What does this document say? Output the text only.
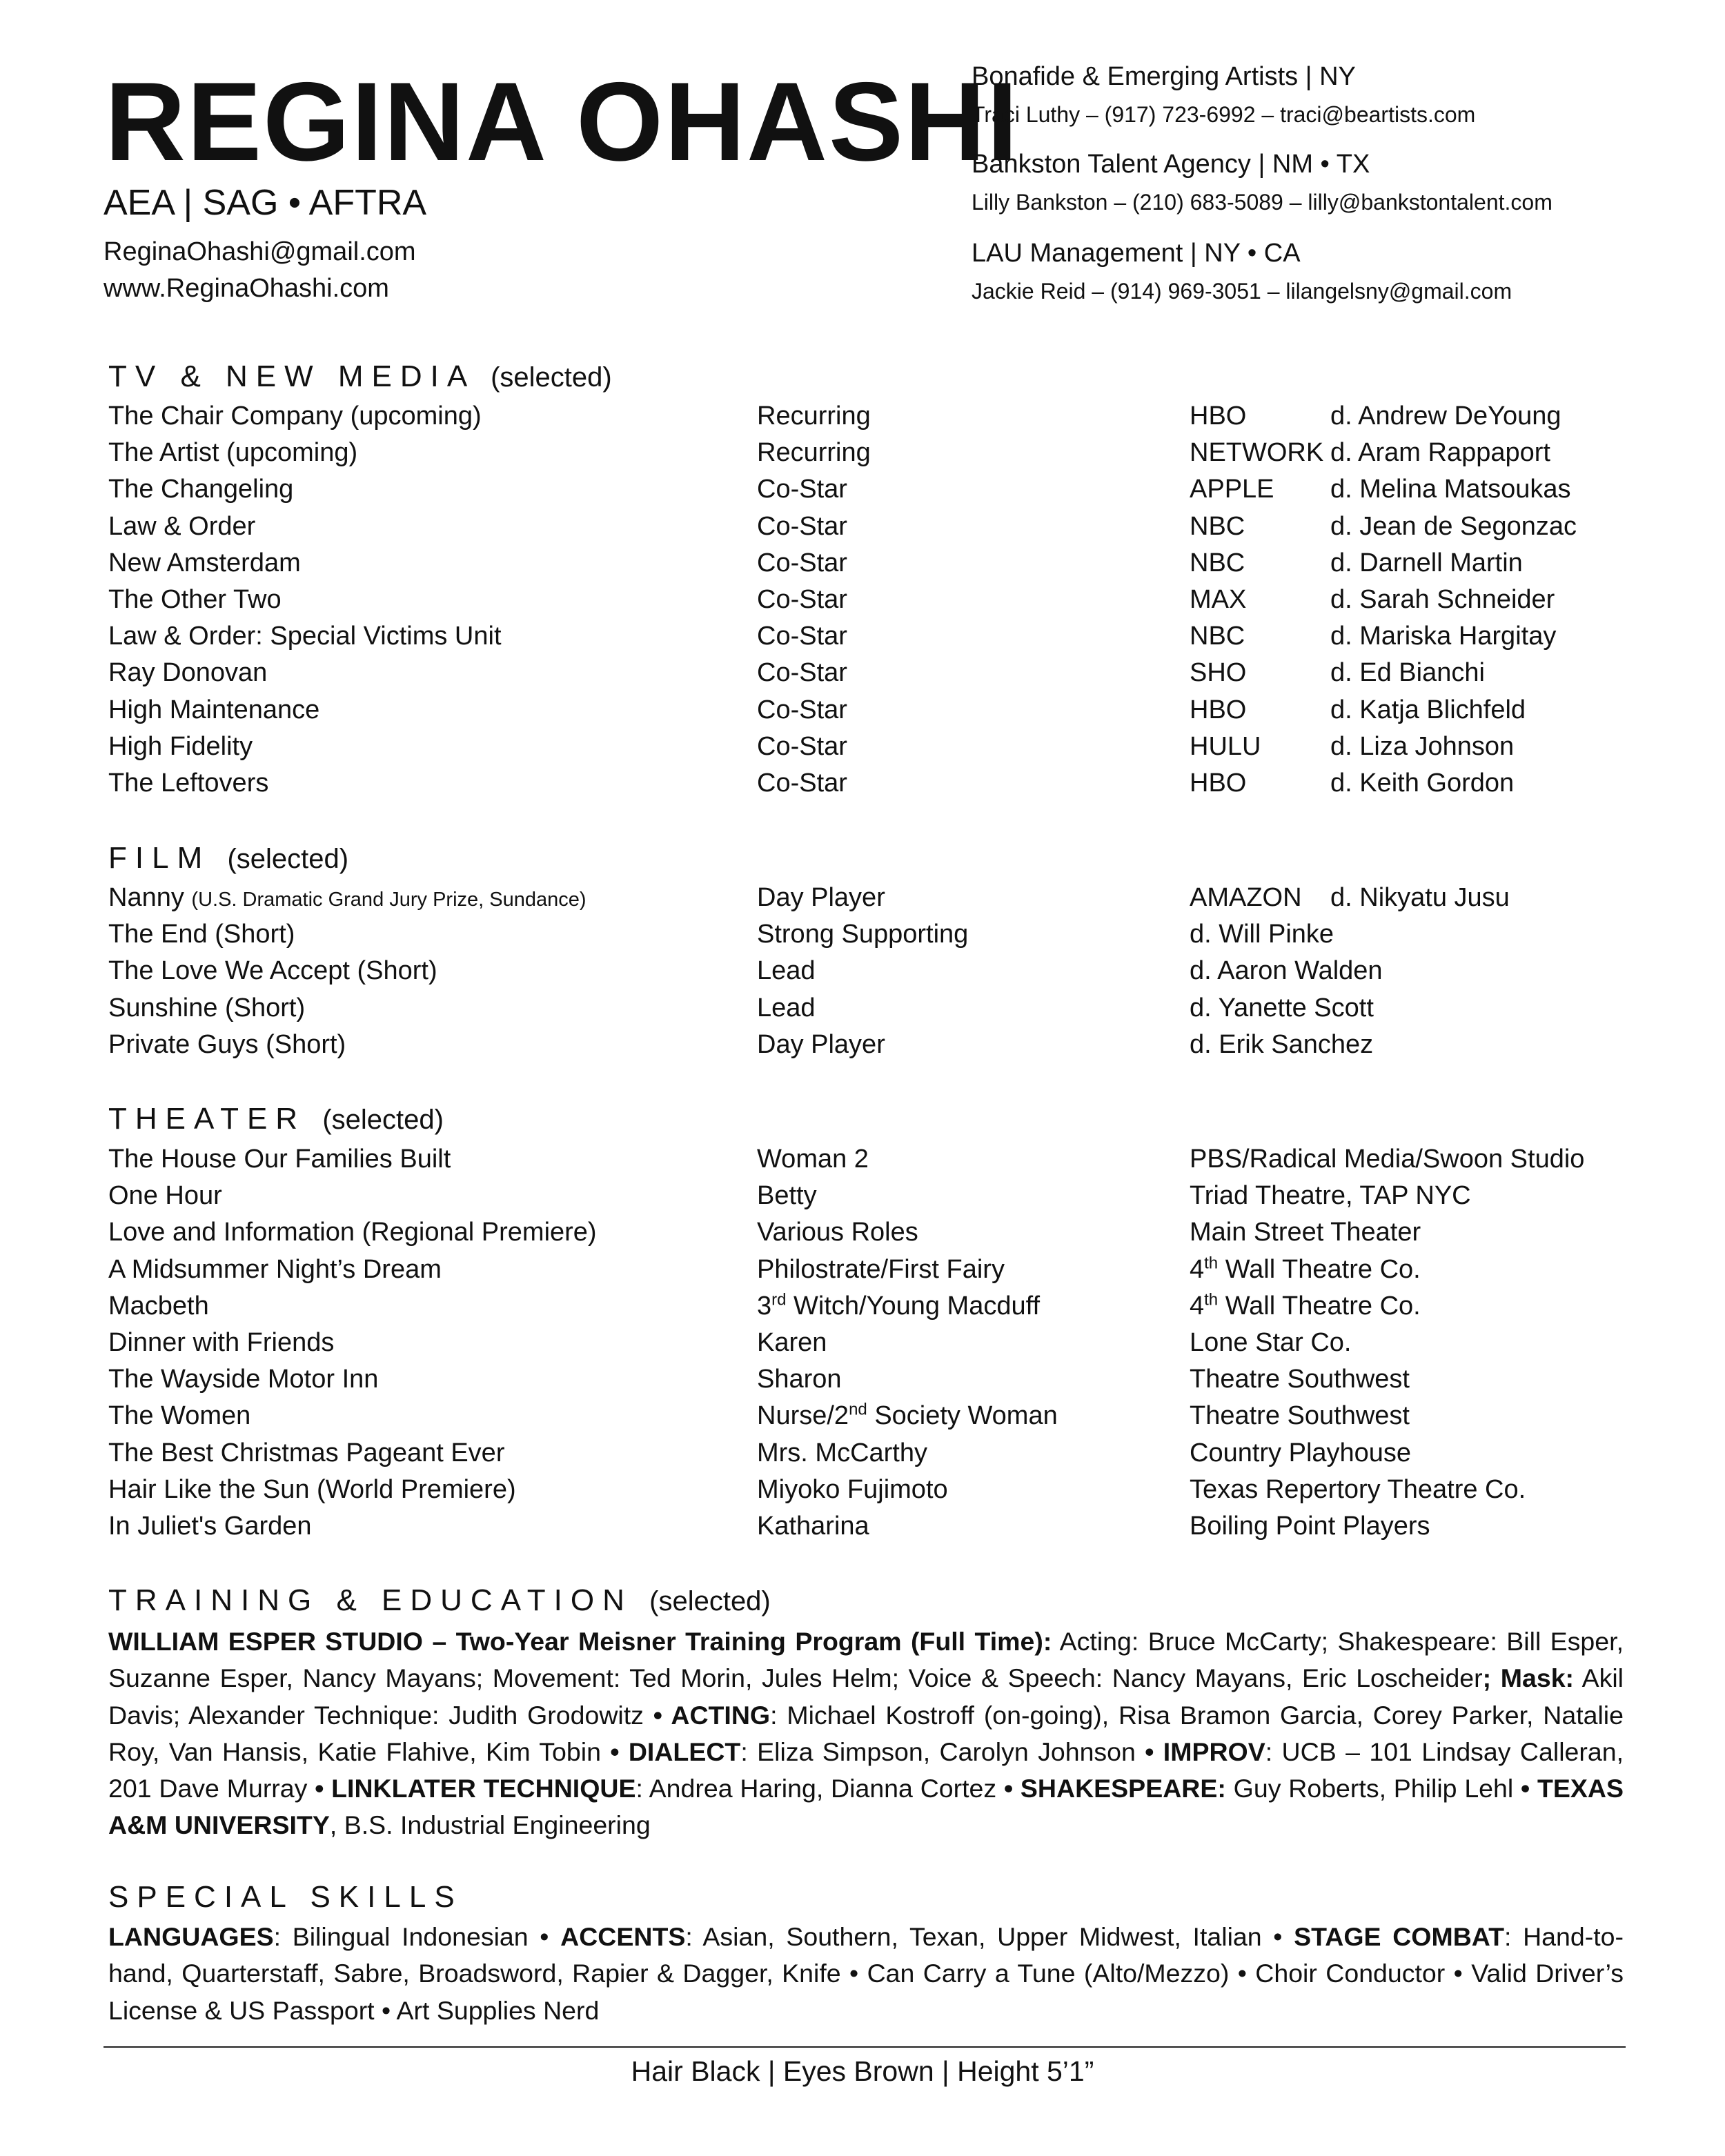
REGINA OHASHI
AEA | SAG • AFTRA
ReginaOhashi@gmail.com
www.ReginaOhashi.com
Bonafide & Emerging Artists | NY
Traci Luthy – (917) 723-6992 – traci@beartists.com
Bankston Talent Agency | NM • TX
Lilly Bankston – (210) 683-5089 – lilly@bankstontalent.com
LAU Management | NY • CA
Jackie Reid – (914) 969-3051 – lilangelsny@gmail.com
TV & NEW MEDIA (selected)
The Chair Company (upcoming)	Recurring	HBO	d. Andrew DeYoung
The Artist (upcoming)	Recurring	NETWORK d. Aram Rappaport
The Changeling	Co-Star	APPLE d. Melina Matsoukas
Law & Order	Co-Star	NBC	d. Jean de Segonzac
New Amsterdam	Co-Star	NBC	d. Darnell Martin
The Other Two	Co-Star	MAX	d. Sarah Schneider
Law & Order: Special Victims Unit	Co-Star	NBC	d. Mariska Hargitay
Ray Donovan	Co-Star	SHO	d. Ed Bianchi
High Maintenance	Co-Star	HBO	d. Katja Blichfeld
High Fidelity	Co-Star	HULU	d. Liza Johnson
The Leftovers	Co-Star	HBO	d. Keith Gordon
FILM (selected)
Nanny (U.S. Dramatic Grand Jury Prize, Sundance)	Day Player	AMAZON d. Nikyatu Jusu
The End (Short)	Strong Supporting	d. Will Pinke
The Love We Accept (Short)	Lead	d. Aaron Walden
Sunshine (Short)	Lead	d. Yanette Scott
Private Guys (Short)	Day Player	d. Erik Sanchez
THEATER (selected)
The House Our Families Built	Woman 2	PBS/Radical Media/Swoon Studio
One Hour	Betty	Triad Theatre, TAP NYC
Love and Information (Regional Premiere)	Various Roles	Main Street Theater
A Midsummer Night’s Dream	Philostrate/First Fairy	4th Wall Theatre Co.
Macbeth	3rd Witch/Young Macduff	4th Wall Theatre Co.
Dinner with Friends	Karen	Lone Star Co.
The Wayside Motor Inn	Sharon	Theatre Southwest
The Women	Nurse/2nd Society Woman	Theatre Southwest
The Best Christmas Pageant Ever	Mrs. McCarthy	Country Playhouse
Hair Like the Sun (World Premiere)	Miyoko Fujimoto	Texas Repertory Theatre Co.
In Juliet's Garden	Katharina	Boiling Point Players
TRAINING & EDUCATION (selected)
WILLIAM ESPER STUDIO – Two-Year Meisner Training Program (Full Time): Acting: Bruce McCarty; Shakespeare: Bill Esper, Suzanne Esper, Nancy Mayans; Movement: Ted Morin, Jules Helm; Voice & Speech: Nancy Mayans, Eric Loscheider; Mask: Akil Davis; Alexander Technique: Judith Grodowitz • ACTING: Michael Kostroff (on-going), Risa Bramon Garcia, Corey Parker, Natalie Roy, Van Hansis, Katie Flahive, Kim Tobin • DIALECT: Eliza Simpson, Carolyn Johnson • IMPROV: UCB – 101 Lindsay Calleran, 201 Dave Murray • LINKLATER TECHNIQUE: Andrea Haring, Dianna Cortez • SHAKESPEARE: Guy Roberts, Philip Lehl • TEXAS A&M UNIVERSITY, B.S. Industrial Engineering
SPECIAL SKILLS
LANGUAGES: Bilingual Indonesian • ACCENTS: Asian, Southern, Texan, Upper Midwest, Italian • STAGE COMBAT: Hand-to-hand, Quarterstaff, Sabre, Broadsword, Rapier & Dagger, Knife • Can Carry a Tune (Alto/Mezzo) • Choir Conductor • Valid Driver’s License & US Passport • Art Supplies Nerd
Hair Black | Eyes Brown | Height 5’1”
